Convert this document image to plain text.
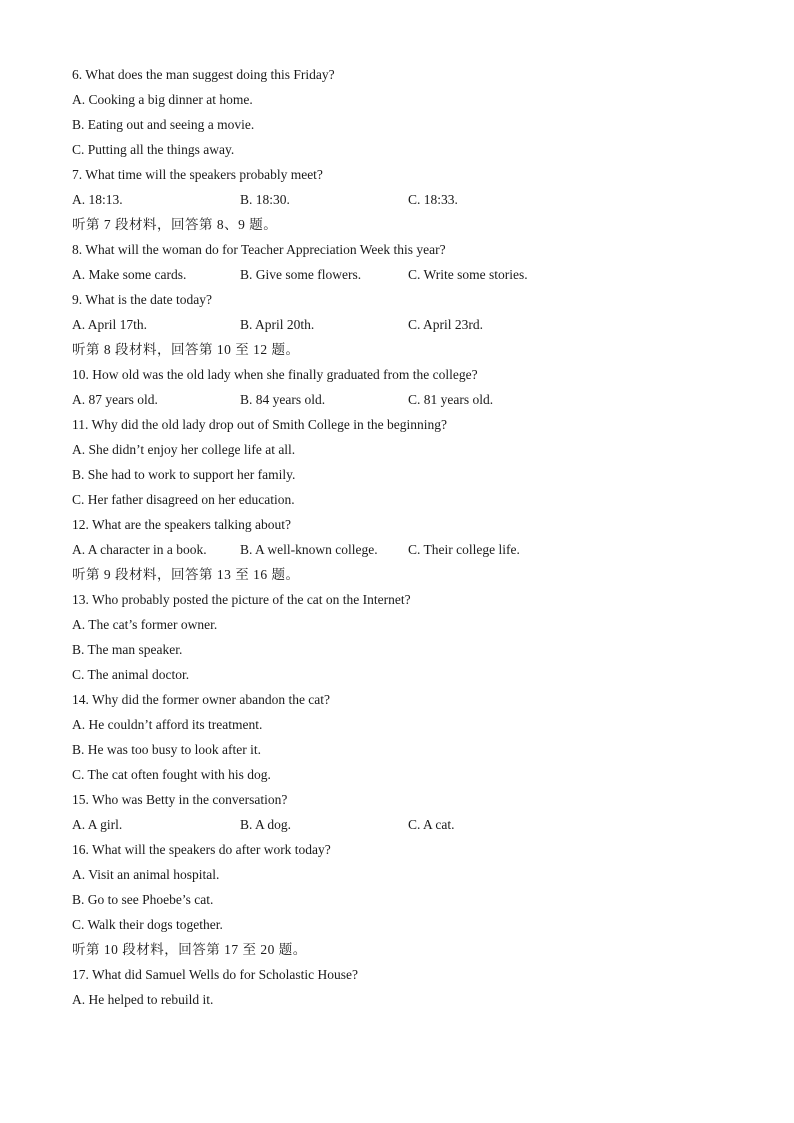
6. What does the man suggest doing this Friday?
A. Cooking a big dinner at home.
B. Eating out and seeing a movie.
C. Putting all the things away.
7. What time will the speakers probably meet?
A. 18:13.	B. 18:30.	C. 18:33.
听第 7 段材料，回答第 8、9 题。
8. What will the woman do for Teacher Appreciation Week this year?
A. Make some cards.	B. Give some flowers.	C. Write some stories.
9. What is the date today?
A. April 17th.	B. April 20th.	C. April 23rd.
听第 8 段材料，回答第 10 至 12 题。
10. How old was the old lady when she finally graduated from the college?
A. 87 years old.	B. 84 years old.	C. 81 years old.
11. Why did the old lady drop out of Smith College in the beginning?
A. She didn’t enjoy her college life at all.
B. She had to work to support her family.
C. Her father disagreed on her education.
12. What are the speakers talking about?
A. A character in a book. B. A well-known college. C. Their college life.
听第 9 段材料，回答第 13 至 16 题。
13. Who probably posted the picture of the cat on the Internet?
A. The cat’s former owner.
B. The man speaker.
C. The animal doctor.
14. Why did the former owner abandon the cat?
A. He couldn’t afford its treatment.
B. He was too busy to look after it.
C. The cat often fought with his dog.
15. Who was Betty in the conversation?
A. A girl.	B. A dog.	C. A cat.
16. What will the speakers do after work today?
A. Visit an animal hospital.
B. Go to see Phoebe’s cat.
C. Walk their dogs together.
听第 10 段材料，回答第 17 至 20 题。
17. What did Samuel Wells do for Scholastic House?
A. He helped to rebuild it.
